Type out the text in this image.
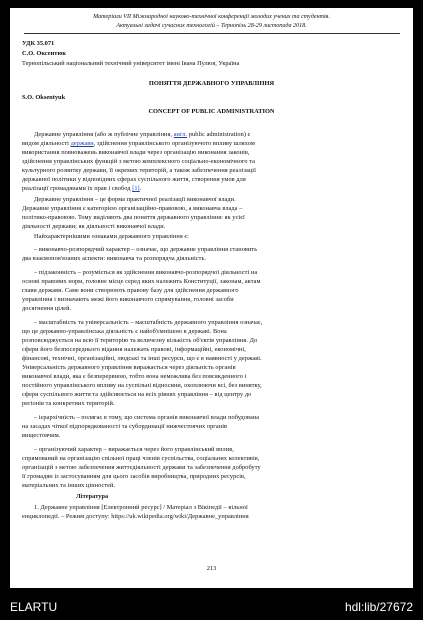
Матеріали VII Міжнародної науково-технічної конференції молодих учених та студентів.
Актуальні задачі сучасних технологій – Тернопіль 28-29 листопада 2018.
УДК 35.071
С.О. Оксентюк
Тернопільський національний технічний університет імені Івана Пулюя, Україна
ПОНЯТТЯ ДЕРЖАВНОГО УПРАВЛІННЯ
S.O. Oksentyuk
CONCEPT OF PUBLIC ADMINISTRATION
Державне управління (або ж публічне управління, англ. public administration) є
видом діяльності держави, здійснення управлінського організуючого впливу шляхом
використання повноважень виконавчої влади через організацію виконання законів,
здійснення управлінських функцій з метою комплексного соціально-економічного та
культурного розвитку держави, її окремих територій, а також забезпечення реалізації
державної політики у відповідних сферах суспільного життя, створення умов для
реалізації громадянами їх прав і свобод [1].
Державне управління – це форма практичної реалізації виконавчої влади.
Державне управління є категорією організаційно-правовою, а виконавча влада –
політико-правовою. Тому виділяють два поняття державного управління: як усієї
діяльності держави; як діяльності виконавчої влади.
Найхарактернішими ознаками державного управління є:
– виконавчо-розпорядчий характер – означає, що державне управління становить
два взаємопов'язаних аспекти: виконавча та розпорядча діяльність.
– підзаконність – розуміється як здійснення виконавчо-розпорядчої діяльності на
основі правових норм, головне місце серед яких належить Конституції, законам, актам
глави держави. Саме вони створюють правову базу для здійснення державного
управління і визначають межі його виконавчого спрямування, головні засоби
досягнення цілей.
– масштабність та універсальність – масштабність державного управління означає,
що це державно-управлінська діяльність є найоб'ємнішою в державі. Вона
розповсюджується на всю її територію та величезну кількість об'єктів управління. До
сфери його безпосереднього відання належать правові, інформаційні, економічні,
фінансові, технічні, організаційні, людські та інші ресурси, що є в наявності у державі.
Універсальність державного управління виражається через діяльність органів
виконавчої влади, яка є безперервною, тобто вона неможлива без повсякденного і
постійного управлінського впливу на суспільні відносини, охоплюючи всі, без винятку,
сфери суспільного життя та здійснюється на всіх рівнях управління – від центру до
регіонів та конкретних територій.
– ієрархічність – полягає в тому, що система органів виконавчої влади побудована
на засадах чіткої підпорядкованості та субординації нижчестоячих органів
вищестоячим.
– організуючий характер – виражається через його управлінський вплив,
спрямований на організацію спільної праці членів суспільства, соціальних колективів,
організацій з метою забезпечення життєдіяльності держави та забезпечення добробуту
її громадян із застосуванням для цього засобів виробництва, природних ресурсів,
матеріальних та інших цінностей.
Література
1. Державне управління [Електронний ресурс] / Матеріал з Вікіпедії – вільної
енциклопедії. – Режим доступу: https://uk.wikipedia.org/wiki/Державне_управління
213
ELARTU	hdl:lib/27672
